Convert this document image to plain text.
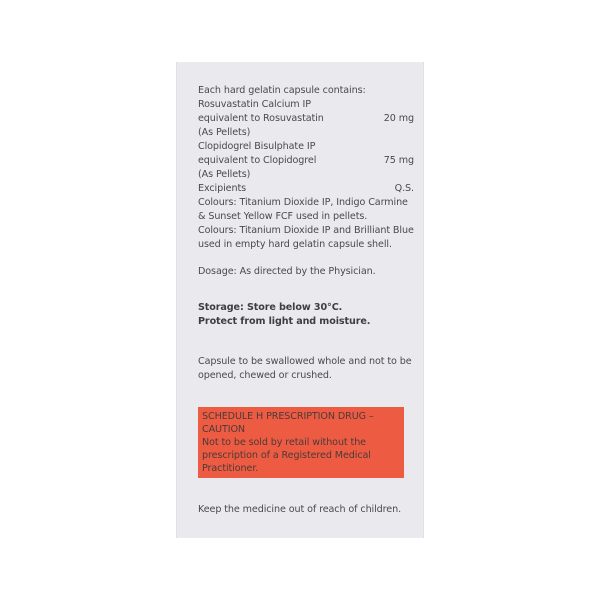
Each hard gelatin capsule contains:
Rosuvastatin Calcium IP
equivalent to Rosuvastatin	20 mg
(As Pellets)
Clopidogrel Bisulphate IP
equivalent to Clopidogrel	75 mg
(As Pellets)
Excipients	Q.S.
Colours: Titanium Dioxide IP, Indigo Carmine
& Sunset Yellow FCF used in pellets.
Colours: Titanium Dioxide IP and Brilliant Blue
used in empty hard gelatin capsule shell.
Dosage: As directed by the Physician.
Storage: Store below 30°C.
Protect from light and moisture.
Capsule to be swallowed whole and not to be
opened, chewed or crushed.
SCHEDULE H PRESCRIPTION DRUG –
CAUTION
Not to be sold by retail without the
prescription of a Registered Medical
Practitioner.
Keep the medicine out of reach of children.
